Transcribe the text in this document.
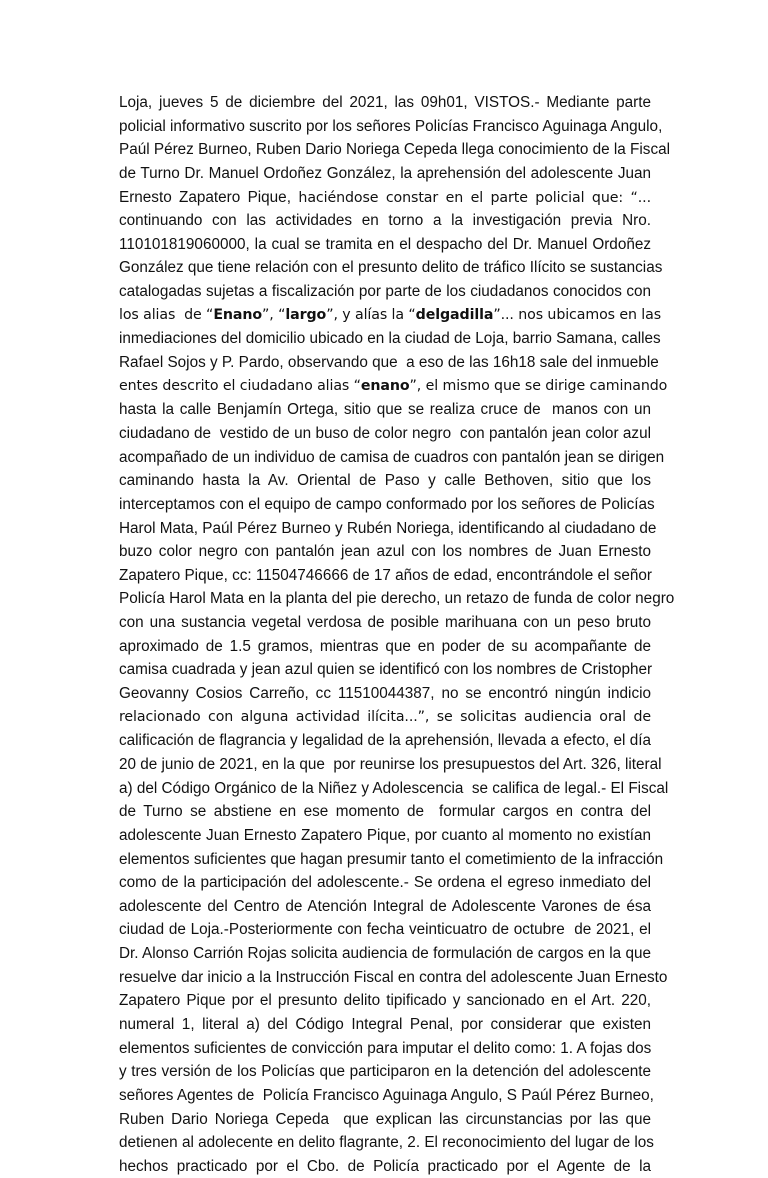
Loja, jueves 5 de diciembre del 2021, las 09h01, VISTOS.- Mediante parte
policial informativo suscrito por los señores Policías Francisco Aguinaga Angulo,
Paúl Pérez Burneo, Ruben Dario Noriega Cepeda llega conocimiento de la Fiscal
de Turno Dr. Manuel Ordoñez González, la aprehensión del adolescente Juan
Ernesto Zapatero Pique, haciéndose constar en el parte policial que: “...
continuando con las actividades en torno a la investigación previa Nro.
110101819060000, la cual se tramita en el despacho del Dr. Manuel Ordoñez
González que tiene relación con el presunto delito de tráfico Ilícito se sustancias
catalogadas sujetas a fiscalización por parte de los ciudadanos conocidos con
los alias  de “Enano”, “largo”, y alías la “delgadilla”... nos ubicamos en las
inmediaciones del domicilio ubicado en la ciudad de Loja, barrio Samana, calles
Rafael Sojos y P. Pardo, observando que  a eso de las 16h18 sale del inmueble
entes descrito el ciudadano alias “enano”, el mismo que se dirige caminando
hasta la calle Benjamín Ortega, sitio que se realiza cruce de  manos con un
ciudadano de  vestido de un buso de color negro  con pantalón jean color azul
acompañado de un individuo de camisa de cuadros con pantalón jean se dirigen
caminando hasta la Av. Oriental de Paso y calle Bethoven, sitio que los
interceptamos con el equipo de campo conformado por los señores de Policías
Harol Mata, Paúl Pérez Burneo y Rubén Noriega, identificando al ciudadano de
buzo color negro con pantalón jean azul con los nombres de Juan Ernesto
Zapatero Pique, cc: 11504746666 de 17 años de edad, encontrándole el señor
Policía Harol Mata en la planta del pie derecho, un retazo de funda de color negro
con una sustancia vegetal verdosa de posible marihuana con un peso bruto
aproximado de 1.5 gramos, mientras que en poder de su acompañante de
camisa cuadrada y jean azul quien se identificó con los nombres de Cristopher
Geovanny Cosios Carreño, cc 11510044387, no se encontró ningún indicio
relacionado con alguna actividad ilícita...”, se solicitas audiencia oral de
calificación de flagrancia y legalidad de la aprehensión, llevada a efecto, el día
20 de junio de 2021, en la que  por reunirse los presupuestos del Art. 326, literal
a) del Código Orgánico de la Niñez y Adolescencia  se califica de legal.- El Fiscal
de Turno se abstiene en ese momento de  formular cargos en contra del
adolescente Juan Ernesto Zapatero Pique, por cuanto al momento no existían
elementos suficientes que hagan presumir tanto el cometimiento de la infracción
como de la participación del adolescente.- Se ordena el egreso inmediato del
adolescente del Centro de Atención Integral de Adolescente Varones de ésa
ciudad de Loja.-Posteriormente con fecha veinticuatro de octubre  de 2021, el
Dr. Alonso Carrión Rojas solicita audiencia de formulación de cargos en la que
resuelve dar inicio a la Instrucción Fiscal en contra del adolescente Juan Ernesto
Zapatero Pique por el presunto delito tipificado y sancionado en el Art. 220,
numeral 1, literal a) del Código Integral Penal, por considerar que existen
elementos suficientes de convicción para imputar el delito como: 1. A fojas dos
y tres versión de los Policías que participaron en la detención del adolescente
señores Agentes de  Policía Francisco Aguinaga Angulo, S Paúl Pérez Burneo,
Ruben Dario Noriega Cepeda  que explican las circunstancias por las que
detienen al adolecente en delito flagrante, 2. El reconocimiento del lugar de los
hechos practicado por el Cbo. de Policía practicado por el Agente de la
